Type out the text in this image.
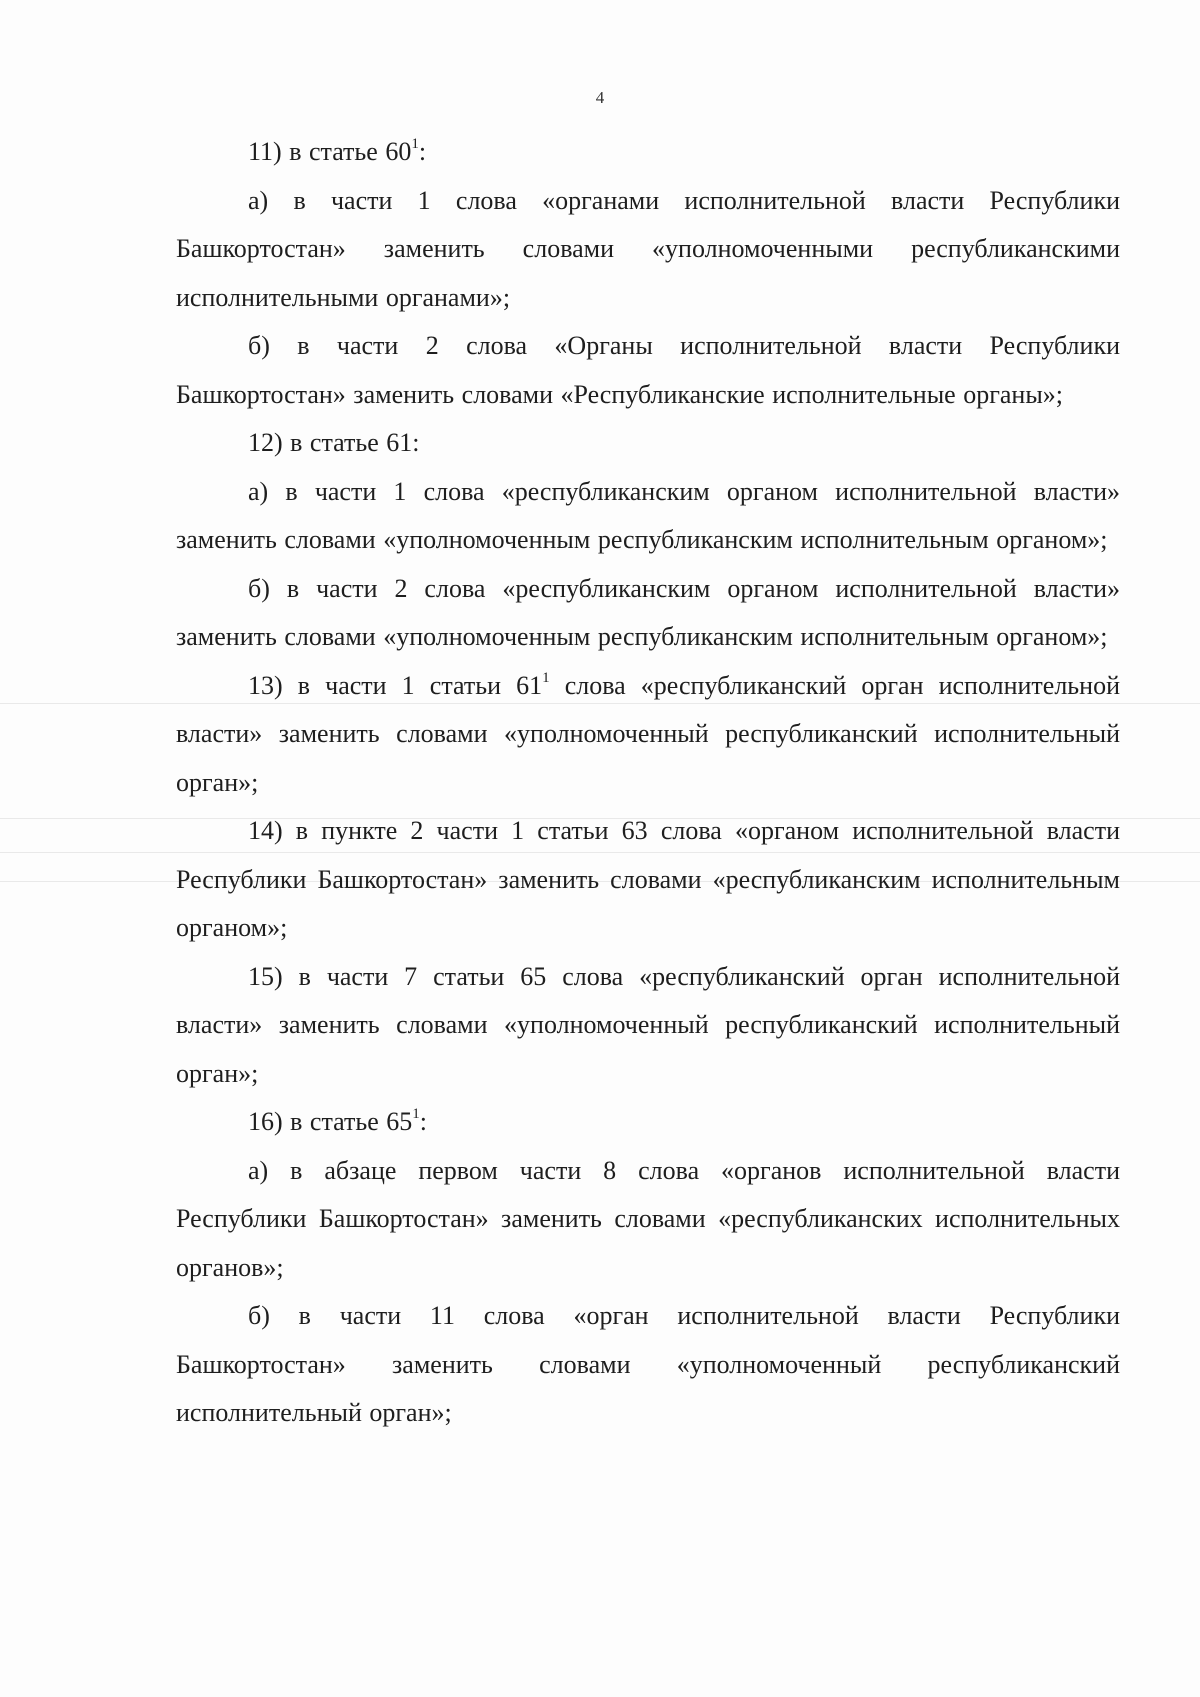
4

11) в статье $60^1$:

а) в части 1 слова «органами исполнительной власти Республики Башкортостан» заменить словами «уполномоченными республиканскими исполнительными органами»;

б) в части 2 слова «Органы исполнительной власти Республики Башкортостан» заменить словами «Республиканские исполнительные органы»;

12) в статье 61:

а) в части 1 слова «республиканским органом исполнительной власти» заменить словами «уполномоченным республиканским исполнительным органом»;

б) в части 2 слова «республиканским органом исполнительной власти» заменить словами «уполномоченным республиканским исполнительным органом»;

13) в части 1 статьи $61^1$ слова «республиканский орган исполнительной власти» заменить словами «уполномоченный республиканский исполнительный орган»;

14) в пункте 2 части 1 статьи 63 слова «органом исполнительной власти Республики Башкортостан» заменить словами «республиканским исполнительным органом»;

15) в части 7 статьи 65 слова «республиканский орган исполнительной власти» заменить словами «уполномоченный республиканский исполнительный орган»;

16) в статье $65^1$:

а) в абзаце первом части 8 слова «органов исполнительной власти Республики Башкортостан» заменить словами «республиканских исполнительных органов»;

б) в части 11 слова «орган исполнительной власти Республики Башкортостан» заменить словами «уполномоченный республиканский исполнительный орган»;
